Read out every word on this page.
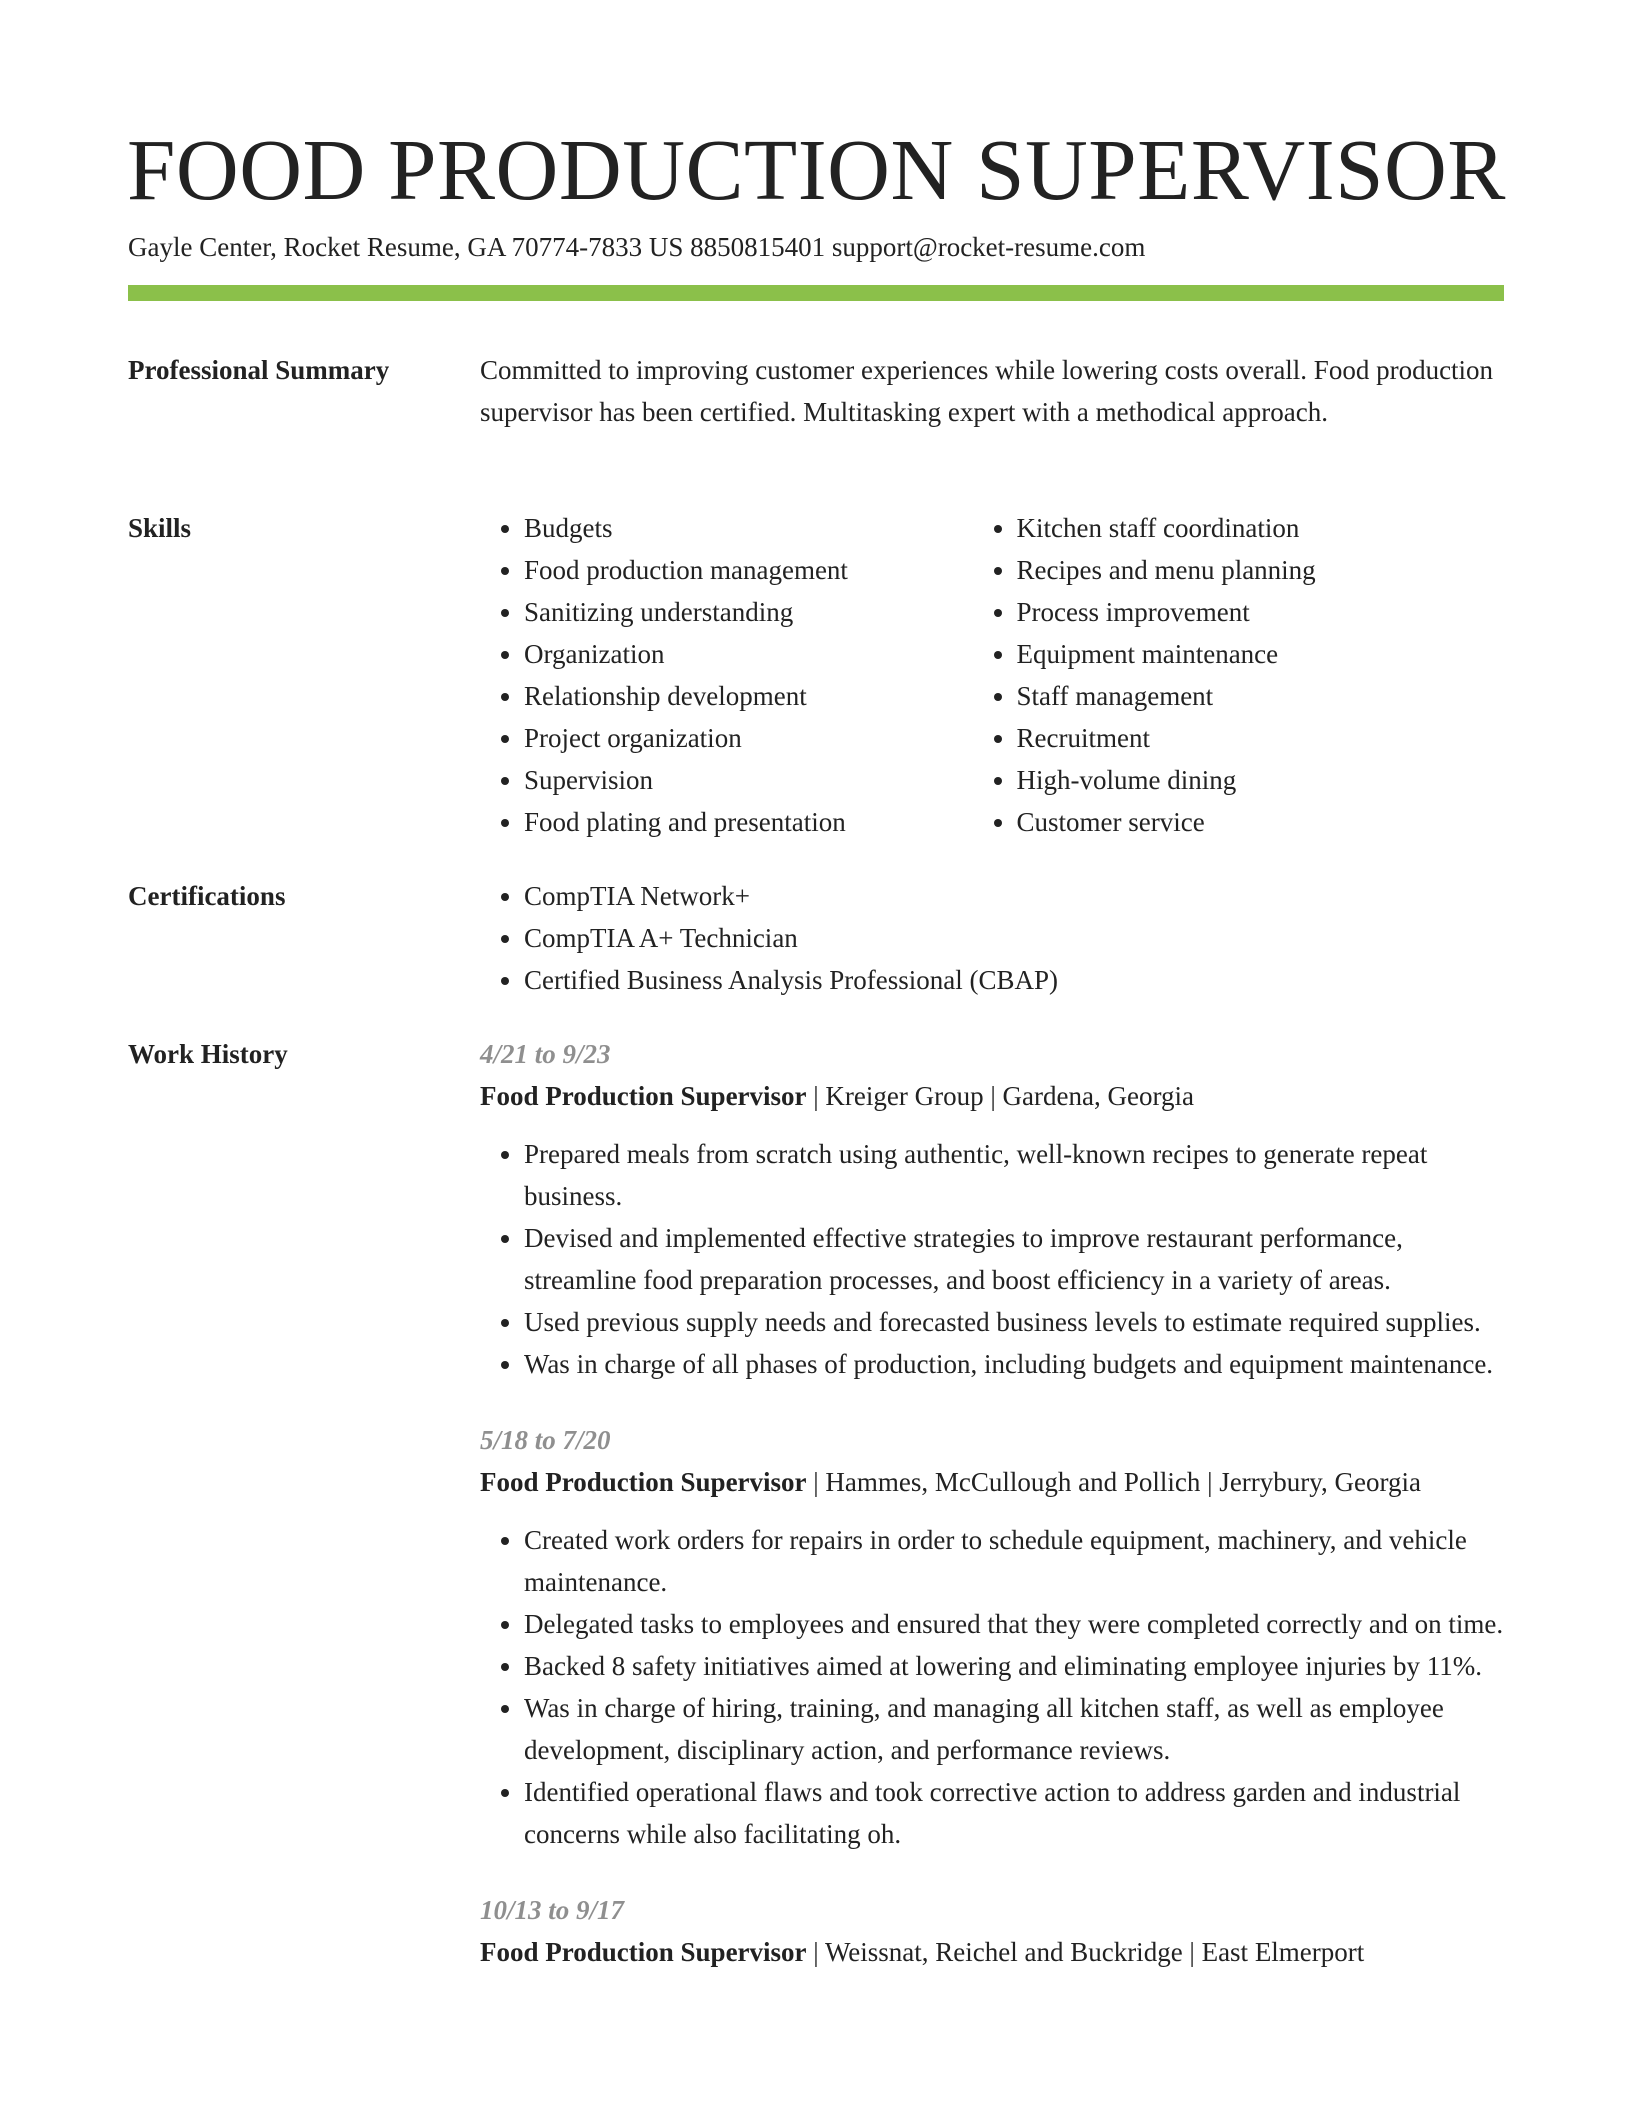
FOOD PRODUCTION SUPERVISOR
Gayle Center, Rocket Resume, GA 70774-7833 US 8850815401 support@rocket-resume.com
Professional Summary	Committed to improving customer experiences while lowering costs overall. Food production supervisor has been certified. Multitasking expert with a methodical approach.

Skills	• Budgets
• Food production management
• Sanitizing understanding
• Organization
• Relationship development
• Project organization
• Supervision
• Food plating and presentation
• Kitchen staff coordination
• Recipes and menu planning
• Process improvement
• Equipment maintenance
• Staff management
• Recruitment
• High-volume dining
• Customer service
Certifications	• CompTIA Network+
• CompTIA A+ Technician
• Certified Business Analysis Professional (CBAP)
Work History	4/21 to 9/23
Food Production Supervisor | Kreiger Group | Gardena, Georgia
• Prepared meals from scratch using authentic, well-known recipes to generate repeat business.
• Devised and implemented effective strategies to improve restaurant performance, streamline food preparation processes, and boost efficiency in a variety of areas.
• Used previous supply needs and forecasted business levels to estimate required supplies.
• Was in charge of all phases of production, including budgets and equipment maintenance.
5/18 to 7/20
Food Production Supervisor | Hammes, McCullough and Pollich | Jerrybury, Georgia
• Created work orders for repairs in order to schedule equipment, machinery, and vehicle maintenance.
• Delegated tasks to employees and ensured that they were completed correctly and on time.
• Backed 8 safety initiatives aimed at lowering and eliminating employee injuries by 11%.
• Was in charge of hiring, training, and managing all kitchen staff, as well as employee development, disciplinary action, and performance reviews.
• Identified operational flaws and took corrective action to address garden and industrial concerns while also facilitating oh.
10/13 to 9/17
Food Production Supervisor | Weissnat, Reichel and Buckridge | East Elmerport
